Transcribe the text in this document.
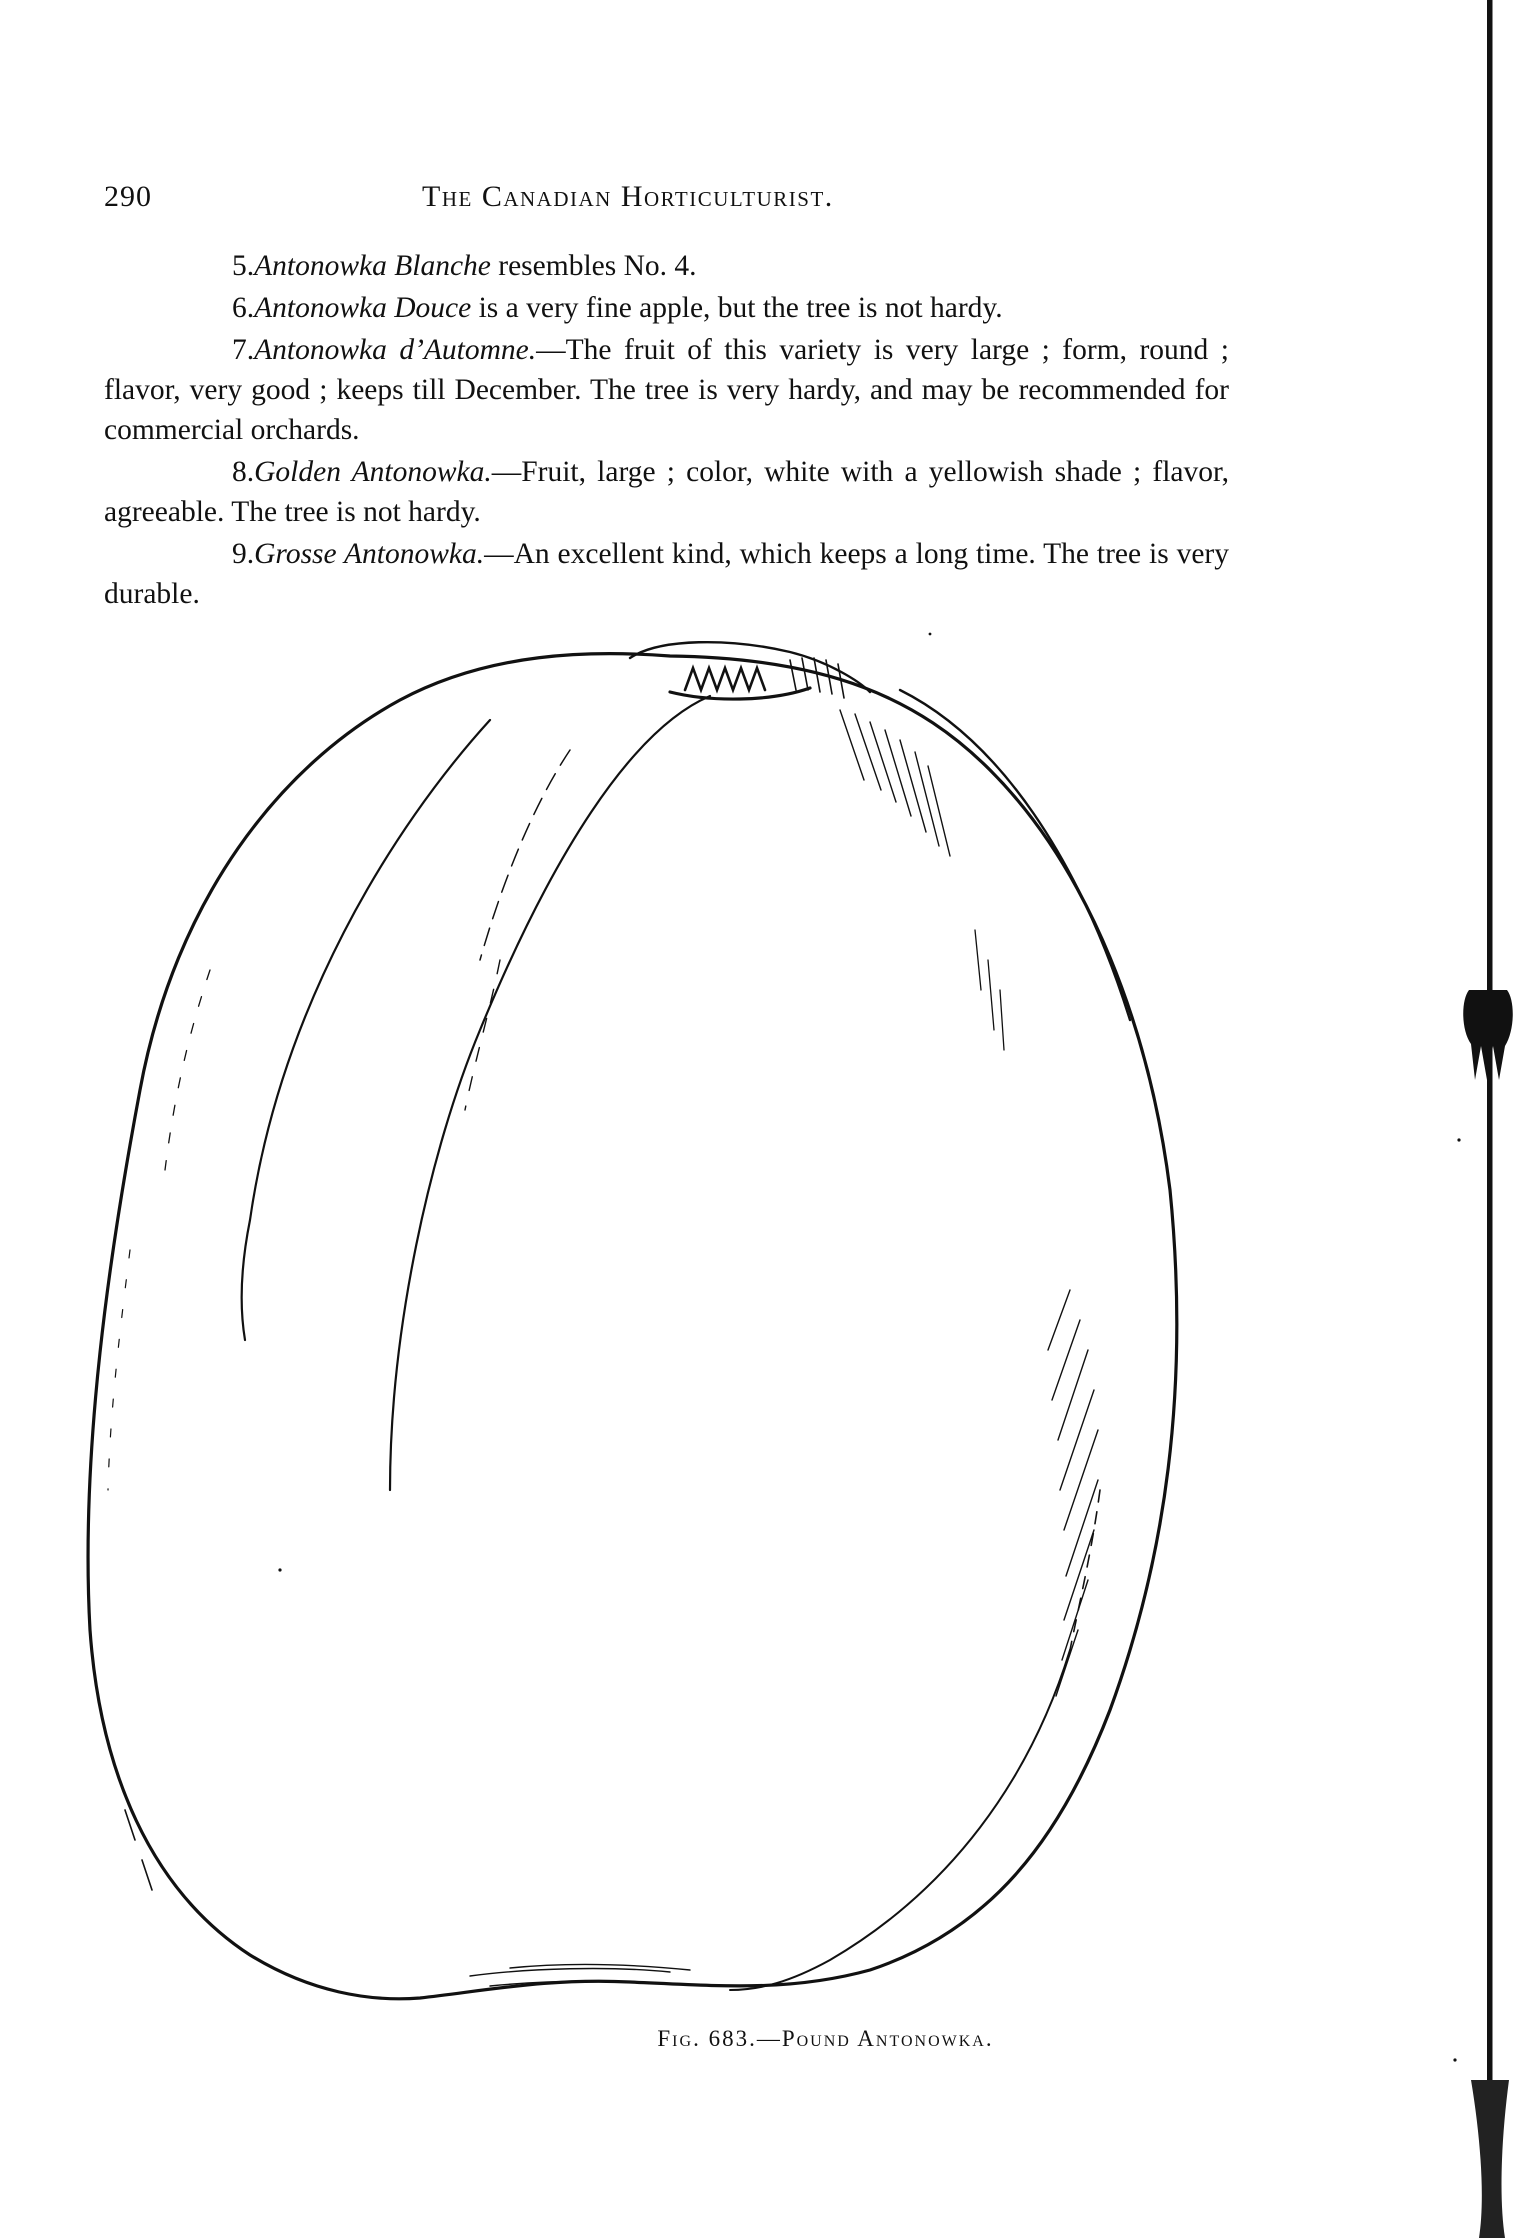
290	The Canadian Horticulturist.

5.Antonowka Blanche resembles No. 4.

6.Antonowka Douce is a very fine apple, but the tree is not hardy.

7.Antonowka d’Automne.—The fruit of this variety is very large ; form, round ; flavor, very good ; keeps till December. The tree is very hardy, and may be recommended for commercial orchards.

8.Golden Antonowka.—Fruit, large ; color, white with a yellowish shade ; flavor, agreeable. The tree is not hardy.

9.Grosse Antonowka.—An excellent kind, which keeps a long time. The tree is very durable.

Fig. 683.—Pound Antonowka.
